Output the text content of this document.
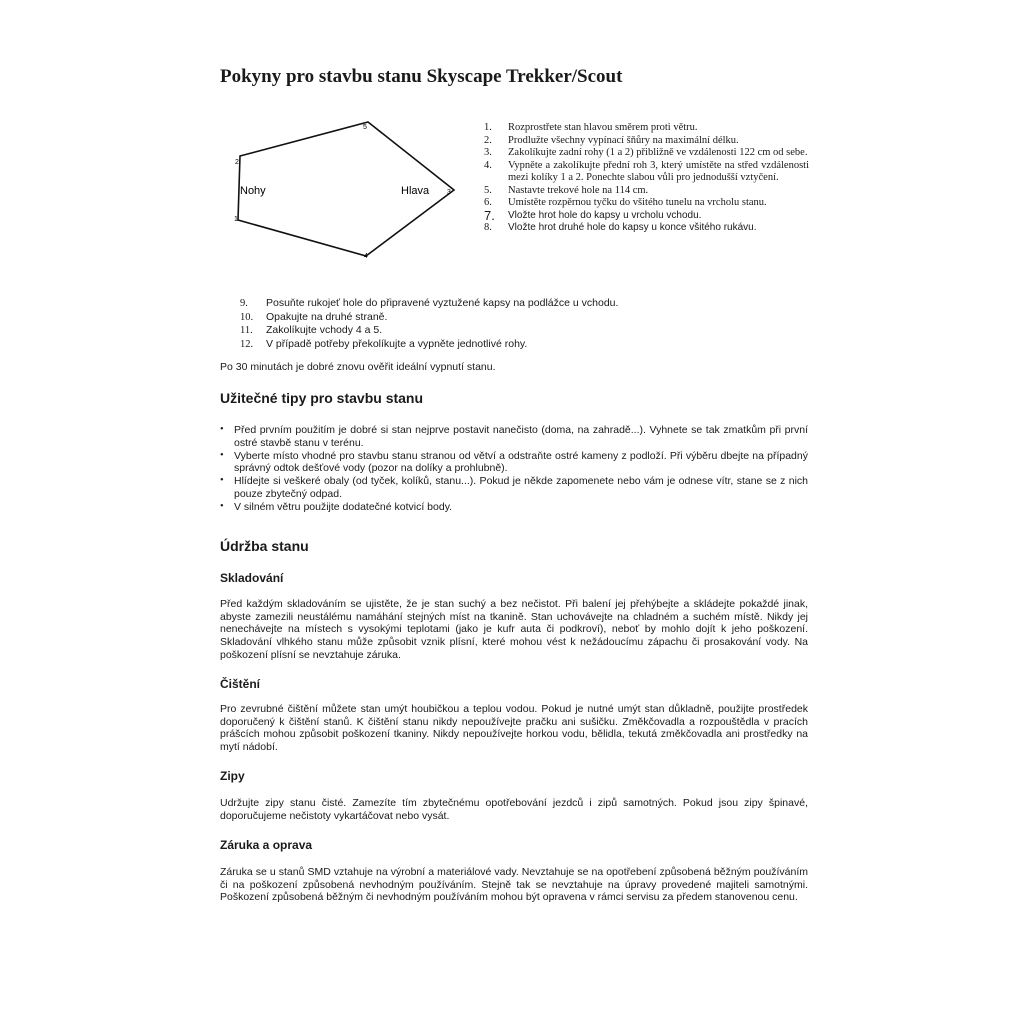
Pokyny pro stavbu stanu Skyscape Trekker/Scout
5
2
3
1
4
Nohy	Hlava
1.	Rozprostřete stan hlavou směrem proti větru.
2.	Prodlužte všechny vypínací šňůry na maximální délku.
3.	Zakolíkujte zadní rohy (1 a 2) přibližně ve vzdálenosti 122 cm od sebe.
4.	Vypněte a zakolíkujte přední roh 3, který umístěte na střed vzdálenosti mezi kolíky 1 a 2. Ponechte slabou vůli pro jednodušší vztyčení.
5.	Nastavte trekové hole na 114 cm.
6.	Umístěte rozpěrnou tyčku do všitého tunelu na vrcholu stanu.
7.	Vložte hrot hole do kapsy u vrcholu vchodu.
8.	Vložte hrot druhé hole do kapsy u konce všitého rukávu.
9.	Posuňte rukojeť hole do připravené vyztužené kapsy na podlážce u vchodu.
10.	Opakujte na druhé straně.
11.	Zakolíkujte vchody 4 a 5.
12.	V případě potřeby překolíkujte a vypněte jednotlivé rohy.

Po 30 minutách je dobré znovu ověřit ideální vypnutí stanu.

Užitečné tipy pro stavbu stanu
• Před prvním použitím je dobré si stan nejprve postavit nanečisto (doma, na zahradě...). Vyhnete se tak zmatkům při první ostré stavbě stanu v terénu.
• Vyberte místo vhodné pro stavbu stanu stranou od větví a odstraňte ostré kameny z podloží. Při výběru dbejte na případný správný odtok dešťové vody (pozor na dolíky a prohlubně).
• Hlídejte si veškeré obaly (od tyček, kolíků, stanu...). Pokud je někde zapomenete nebo vám je odnese vítr, stane se z nich pouze zbytečný odpad.
• V silném větru použijte dodatečné kotvicí body.
Údržba stanu
Skladování

Před každým skladováním se ujistěte, že je stan suchý a bez nečistot. Při balení jej přehýbejte a skládejte pokaždé jinak, abyste zamezili neustálému namáhání stejných míst na tkanině. Stan uchovávejte na chladném a suchém místě. Nikdy jej nenechávejte na místech s vysokými teplotami (jako je kufr auta či podkroví), neboť by mohlo dojít k jeho poškození. Skladování vlhkého stanu může způsobit vznik plísní, které mohou vést k nežádoucímu zápachu či prosakování vody. Na poškození plísní se nevztahuje záruka.

Čištění

Pro zevrubné čištění můžete stan umýt houbičkou a teplou vodou. Pokud je nutné umýt stan důkladně, použijte prostředek doporučený k čištění stanů. K čištění stanu nikdy nepoužívejte pračku ani sušičku. Změkčovadla a rozpouštědla v pracích prášcích mohou způsobit poškození tkaniny. Nikdy nepoužívejte horkou vodu, bělidla, tekutá změkčovadla ani prostředky na mytí nádobí.

Zipy

Udržujte zipy stanu čisté. Zamezíte tím zbytečnému opotřebování jezdců i zipů samotných. Pokud jsou zipy špinavé, doporučujeme nečistoty vykartáčovat nebo vysát.

Záruka a oprava

Záruka se u stanů SMD vztahuje na výrobní a materiálové vady. Nevztahuje se na opotřebení způsobená běžným používáním či na poškození způsobená nevhodným používáním. Stejně tak se nevztahuje na úpravy provedené majiteli samotnými. Poškození způsobená běžným či nevhodným používáním mohou být opravena v rámci servisu za předem stanovenou cenu.
